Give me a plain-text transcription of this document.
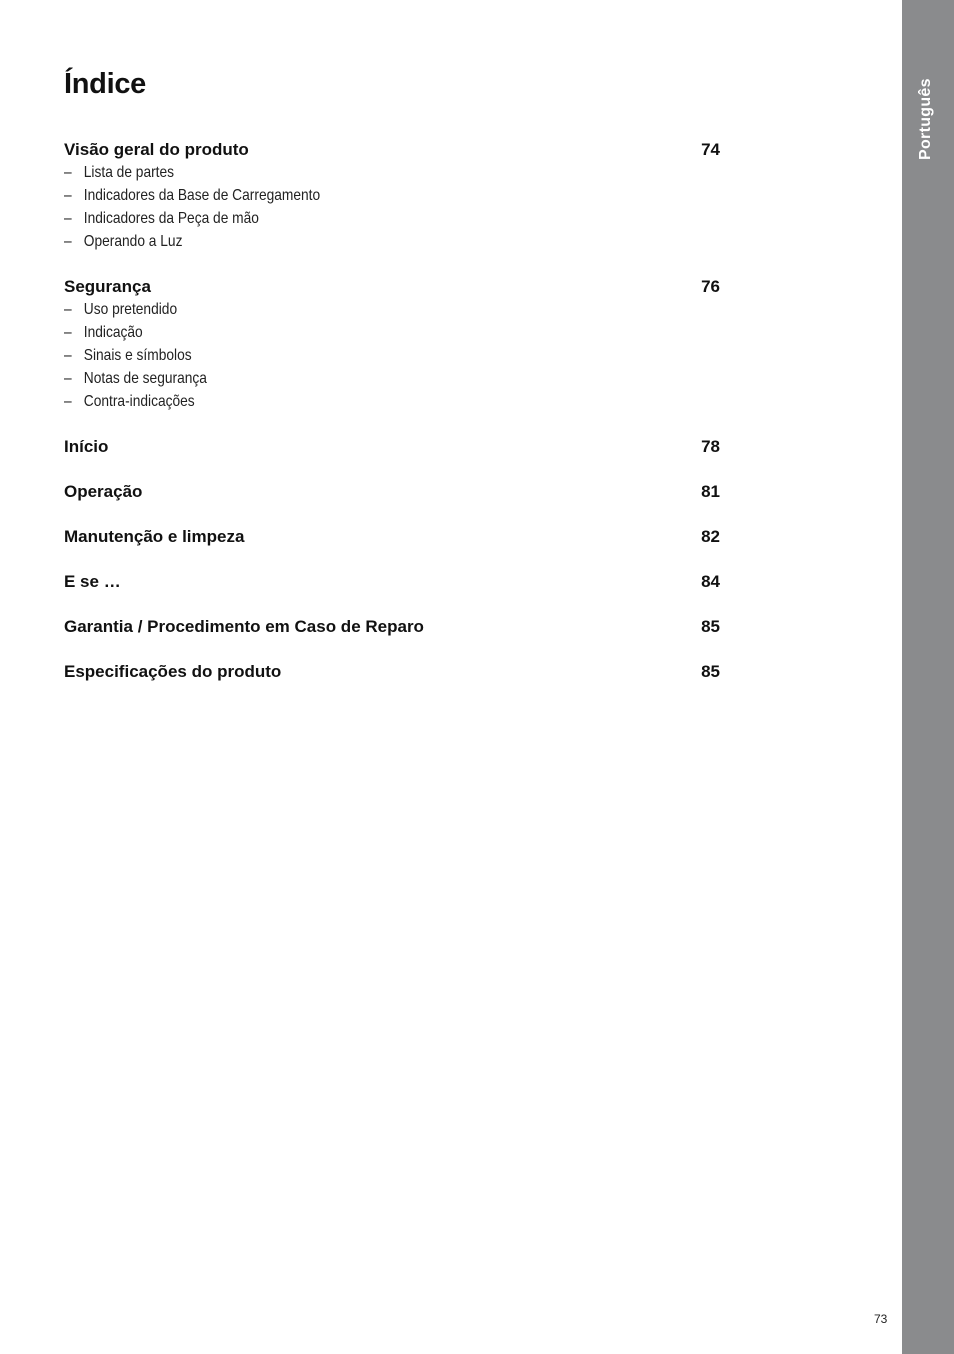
Português
Índice
Visão geral do produto	74
– Lista de partes
– Indicadores da Base de Carregamento
– Indicadores da Peça de mão
– Operando a Luz
Segurança	76
– Uso pretendido
– Indicação
– Sinais e símbolos
– Notas de segurança
– Contra-indicações
Início	78
Operação	81
Manutenção e limpeza	82
E se …	84
Garantia / Procedimento em Caso de Reparo	85
Especificações do produto	85
73
